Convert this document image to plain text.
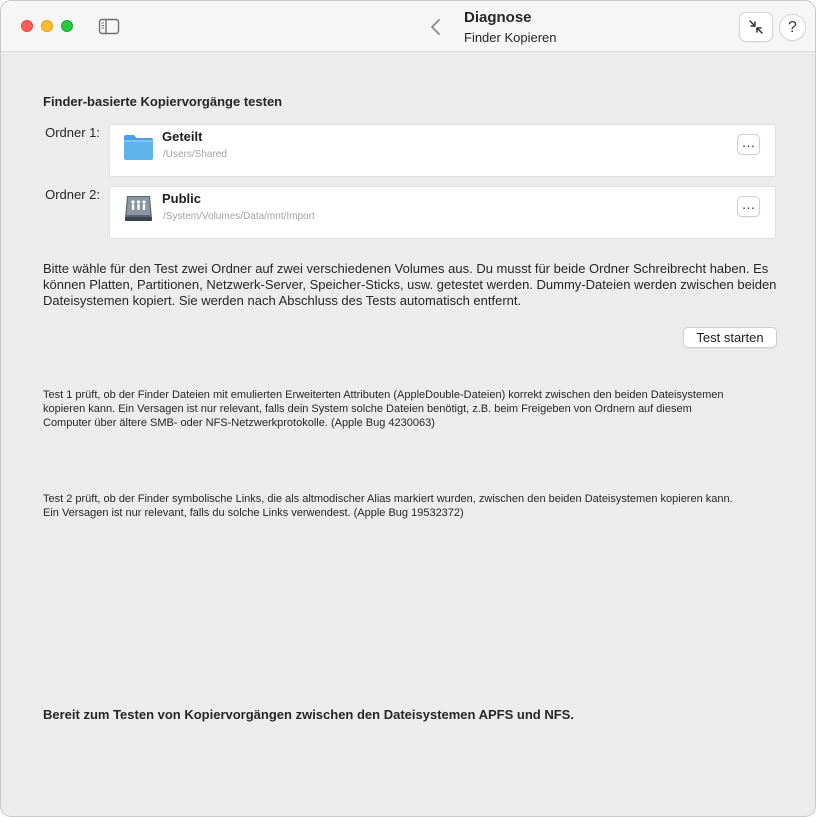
Diagnose
Finder Kopieren
?
Finder-basierte Kopiervorgänge testen
Ordner 1:	Geteilt
/Users/Shared
…
Ordner 2:	Public
/System/Volumes/Data/mnt/Import
…
Bitte wähle für den Test zwei Ordner auf zwei verschiedenen Volumes aus. Du musst für beide Ordner Schreibrecht haben. Es können Platten, Partitionen, Netzwerk-Server, Speicher-Sticks, usw. getestet werden. Dummy-Dateien werden zwischen beiden Dateisystemen kopiert. Sie werden nach Abschluss des Tests automatisch entfernt.
Test starten
Test 1 prüft, ob der Finder Dateien mit emulierten Erweiterten Attributen (AppleDouble-Dateien) korrekt zwischen den beiden Dateisystemen kopieren kann. Ein Versagen ist nur relevant, falls dein System solche Dateien benötigt, z.B. beim Freigeben von Ordnern auf diesem Computer über ältere SMB- oder NFS-Netzwerkprotokolle. (Apple Bug 4230063)
Test 2 prüft, ob der Finder symbolische Links, die als altmodischer Alias markiert wurden, zwischen den beiden Dateisystemen kopieren kann. Ein Versagen ist nur relevant, falls du solche Links verwendest. (Apple Bug 19532372)
Bereit zum Testen von Kopiervorgängen zwischen den Dateisystemen APFS und NFS.
